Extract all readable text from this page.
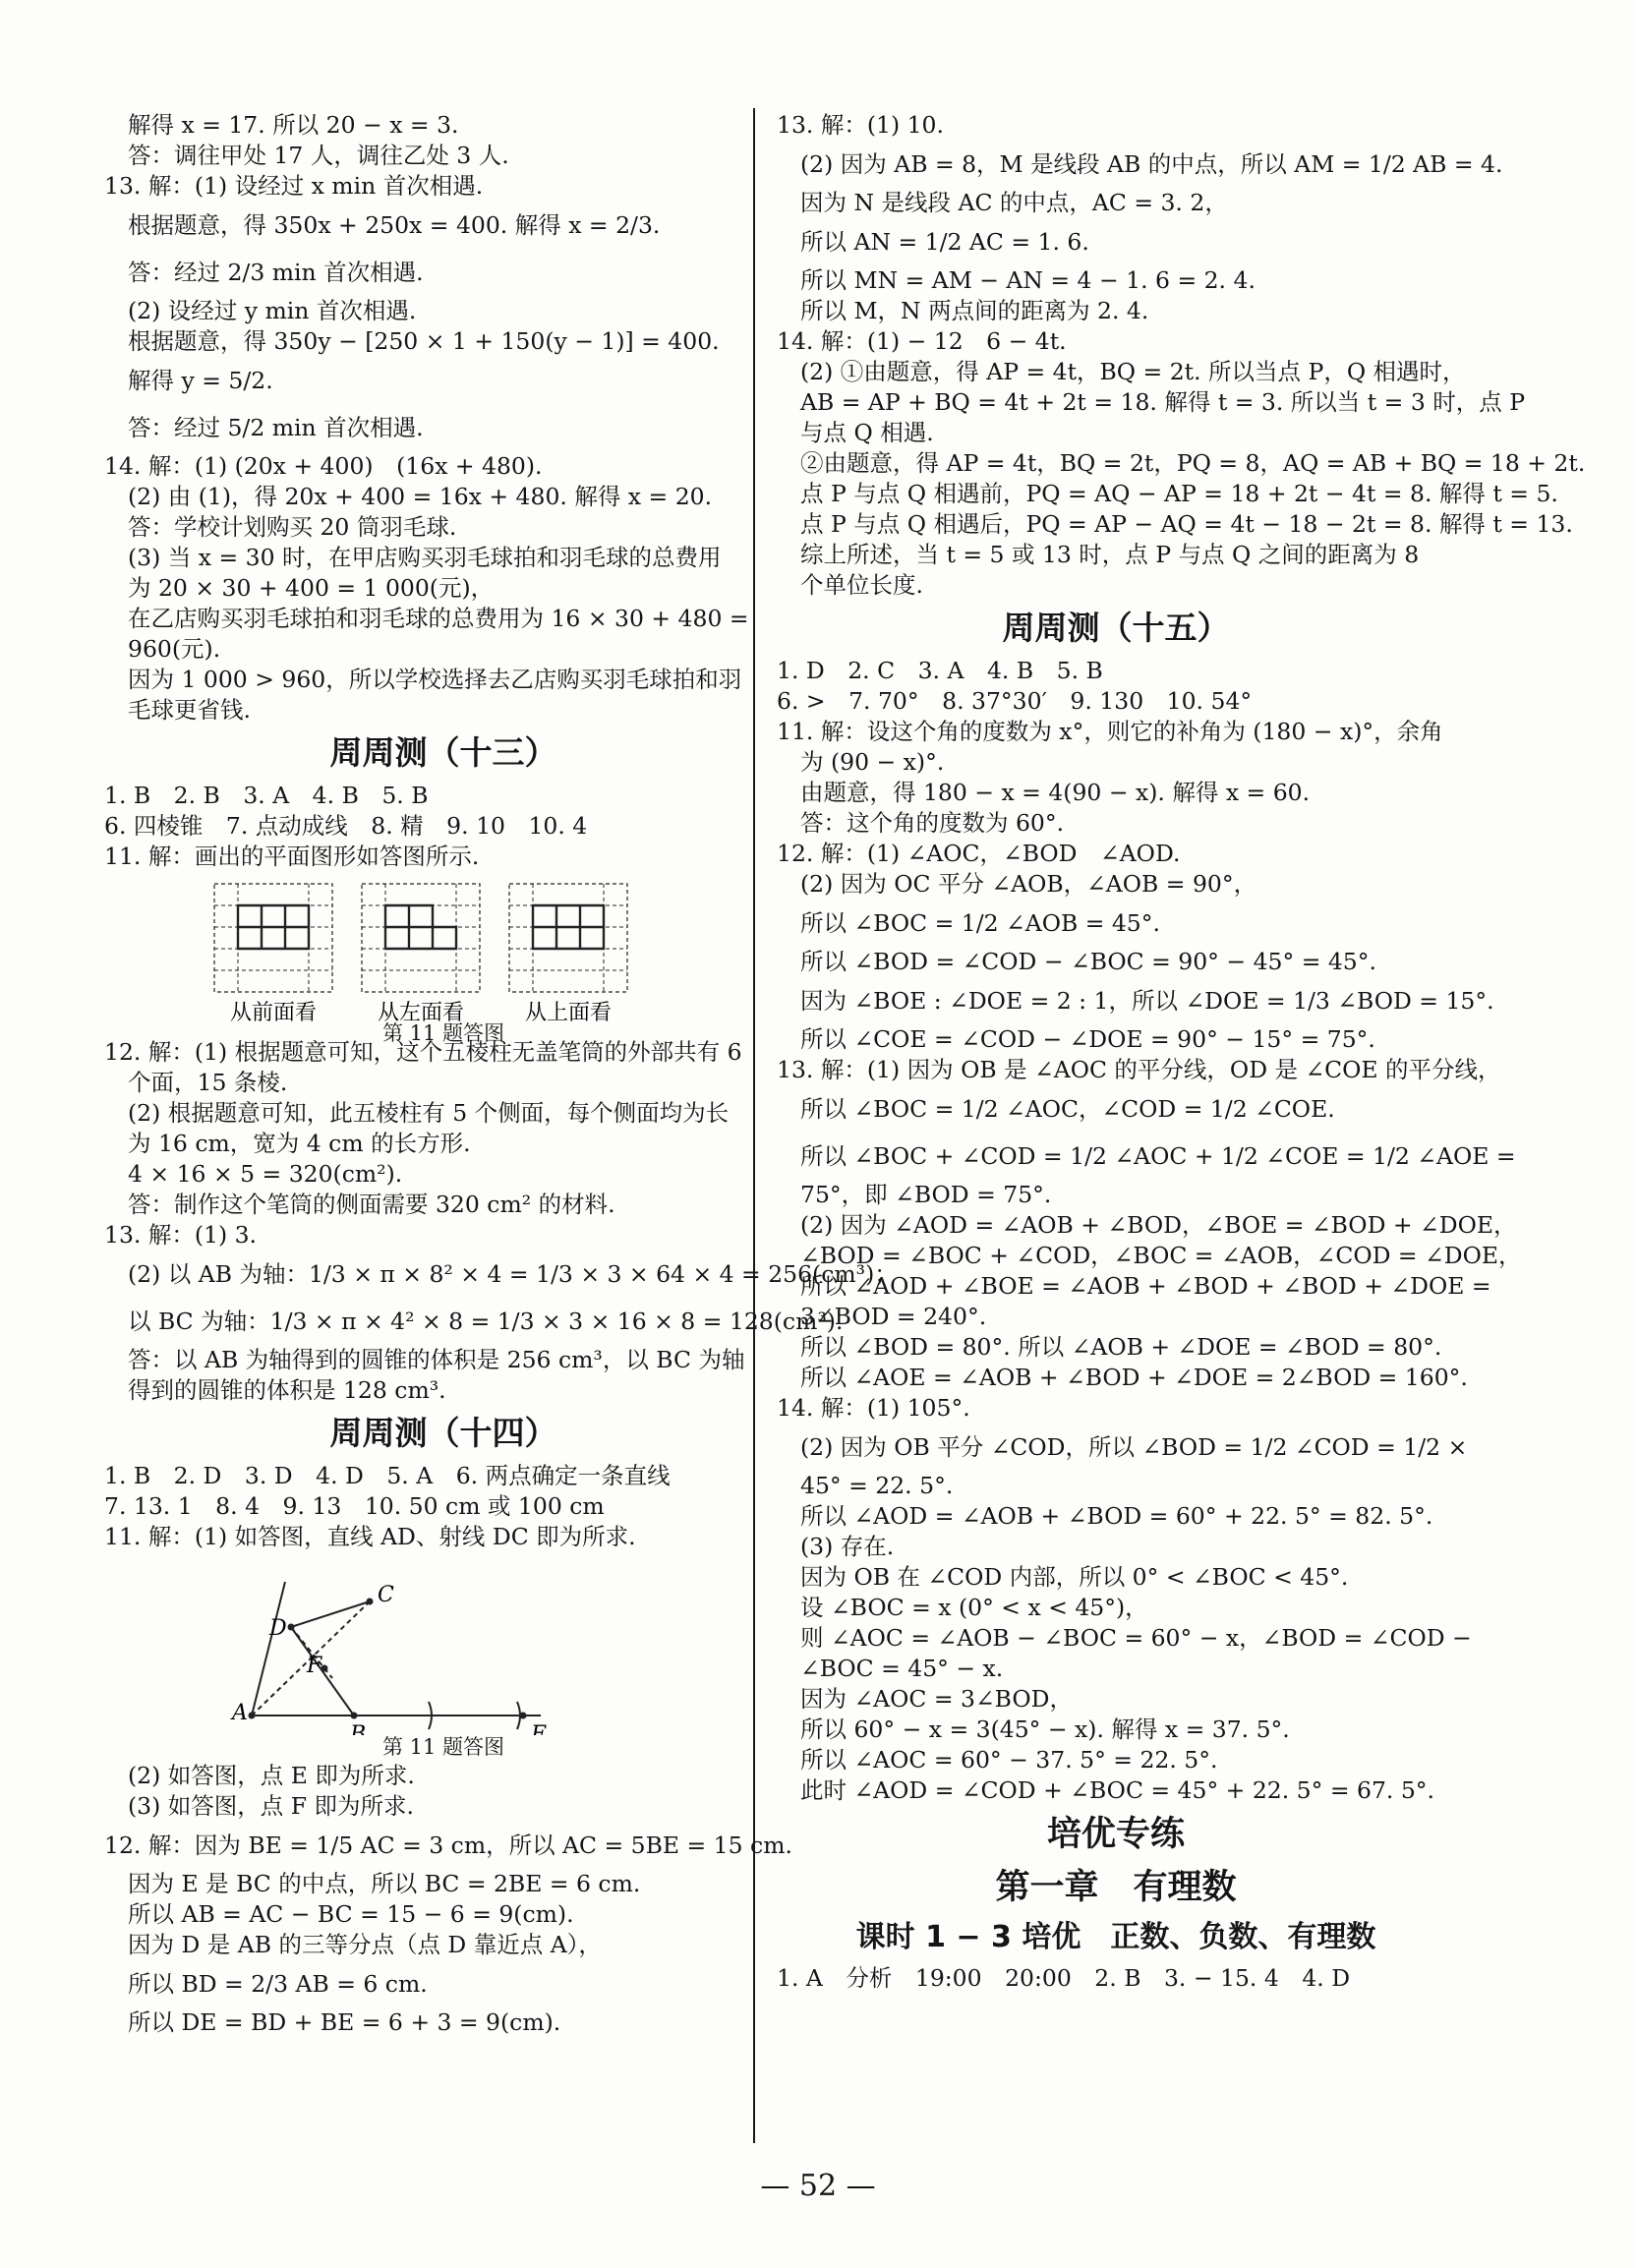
解得 x = 17. 所以 20 − x = 3.
答：调往甲处 17 人，调往乙处 3 人.
13. 解：(1) 设经过 x min 首次相遇.
根据题意，得 350x + 250x = 400. 解得 x = 2/3.
答：经过 2/3 min 首次相遇.
(2) 设经过 y min 首次相遇.
根据题意，得 350y − [250 × 1 + 150(y − 1)] = 400.
解得 y = 5/2.
答：经过 5/2 min 首次相遇.
14. 解：(1) (20x + 400)　(16x + 480).
(2) 由 (1)，得 20x + 400 = 16x + 480. 解得 x = 20.
答：学校计划购买 20 筒羽毛球.
(3) 当 x = 30 时，在甲店购买羽毛球拍和羽毛球的总费用
为 20 × 30 + 400 = 1 000(元)，
在乙店购买羽毛球拍和羽毛球的总费用为 16 × 30 + 480 =
960(元).
因为 1 000 > 960，所以学校选择去乙店购买羽毛球拍和羽
毛球更省钱.
周周测（十三）
1. B　2. B　3. A　4. B　5. B
6. 四棱锥　7. 点动成线　8. 精　9. 10　10. 4
11. 解：画出的平面图形如答图所示.
从前面看	从左面看	从上面看
第 11 题答图
12. 解：(1) 根据题意可知，这个五棱柱无盖笔筒的外部共有 6
个面，15 条棱.
(2) 根据题意可知，此五棱柱有 5 个侧面，每个侧面均为长
为 16 cm，宽为 4 cm 的长方形.
4 × 16 × 5 = 320(cm²).
答：制作这个笔筒的侧面需要 320 cm² 的材料.
13. 解：(1) 3.
(2) 以 AB 为轴：1/3 × π × 8² × 4 = 1/3 × 3 × 64 × 4 = 256(cm³)；
以 BC 为轴：1/3 × π × 4² × 8 = 1/3 × 3 × 16 × 8 = 128(cm³).
答：以 AB 为轴得到的圆锥的体积是 256 cm³，以 BC 为轴
得到的圆锥的体积是 128 cm³.
周周测（十四）
1. B　2. D　3. D　4. D　5. A　6. 两点确定一条直线
7. 13. 1　8. 4　9. 13　10. 50 cm 或 100 cm
11. 解：(1) 如答图，直线 AD、射线 DC 即为所求.
D
C
F
A
B	E
第 11 题答图
(2) 如答图，点 E 即为所求.
(3) 如答图，点 F 即为所求.
12. 解：因为 BE = 1/5 AC = 3 cm，所以 AC = 5BE = 15 cm.
因为 E 是 BC 的中点，所以 BC = 2BE = 6 cm.
所以 AB = AC − BC = 15 − 6 = 9(cm).
因为 D 是 AB 的三等分点（点 D 靠近点 A），
所以 BD = 2/3 AB = 6 cm.
所以 DE = BD + BE = 6 + 3 = 9(cm).
13. 解：(1) 10.
(2) 因为 AB = 8，M 是线段 AB 的中点，所以 AM = 1/2 AB = 4.
因为 N 是线段 AC 的中点，AC = 3. 2，
所以 AN = 1/2 AC = 1. 6.
所以 MN = AM − AN = 4 − 1. 6 = 2. 4.
所以 M，N 两点间的距离为 2. 4.
14. 解：(1) − 12　6 − 4t.
(2) ①由题意，得 AP = 4t，BQ = 2t. 所以当点 P，Q 相遇时，
AB = AP + BQ = 4t + 2t = 18. 解得 t = 3. 所以当 t = 3 时，点 P
与点 Q 相遇.
②由题意，得 AP = 4t，BQ = 2t，PQ = 8，AQ = AB + BQ = 18 + 2t.
点 P 与点 Q 相遇前，PQ = AQ − AP = 18 + 2t − 4t = 8. 解得 t = 5.
点 P 与点 Q 相遇后，PQ = AP − AQ = 4t − 18 − 2t = 8. 解得 t = 13.
综上所述，当 t = 5 或 13 时，点 P 与点 Q 之间的距离为 8
个单位长度.
周周测（十五）
1. D　2. C　3. A　4. B　5. B
6. >　7. 70°　8. 37°30′　9. 130　10. 54°
11. 解：设这个角的度数为 x°，则它的补角为 (180 − x)°，余角
为 (90 − x)°.
由题意，得 180 − x = 4(90 − x). 解得 x = 60.
答：这个角的度数为 60°.
12. 解：(1) ∠AOC，∠BOD　∠AOD.
(2) 因为 OC 平分 ∠AOB，∠AOB = 90°，
所以 ∠BOC = 1/2 ∠AOB = 45°.
所以 ∠BOD = ∠COD − ∠BOC = 90° − 45° = 45°.
因为 ∠BOE : ∠DOE = 2 : 1，所以 ∠DOE = 1/3 ∠BOD = 15°.
所以 ∠COE = ∠COD − ∠DOE = 90° − 15° = 75°.
13. 解：(1) 因为 OB 是 ∠AOC 的平分线，OD 是 ∠COE 的平分线，
所以 ∠BOC = 1/2 ∠AOC，∠COD = 1/2 ∠COE.
所以 ∠BOC + ∠COD = 1/2 ∠AOC + 1/2 ∠COE = 1/2 ∠AOE =
75°，即 ∠BOD = 75°.
(2) 因为 ∠AOD = ∠AOB + ∠BOD，∠BOE = ∠BOD + ∠DOE，
∠BOD = ∠BOC + ∠COD，∠BOC = ∠AOB，∠COD = ∠DOE，
所以 ∠AOD + ∠BOE = ∠AOB + ∠BOD + ∠BOD + ∠DOE =
3∠BOD = 240°.
所以 ∠BOD = 80°. 所以 ∠AOB + ∠DOE = ∠BOD = 80°.
所以 ∠AOE = ∠AOB + ∠BOD + ∠DOE = 2∠BOD = 160°.
14. 解：(1) 105°.
(2) 因为 OB 平分 ∠COD，所以 ∠BOD = 1/2 ∠COD = 1/2 ×
45° = 22. 5°.
所以 ∠AOD = ∠AOB + ∠BOD = 60° + 22. 5° = 82. 5°.
(3) 存在.
因为 OB 在 ∠COD 内部，所以 0° < ∠BOC < 45°.
设 ∠BOC = x (0° < x < 45°)，
则 ∠AOC = ∠AOB − ∠BOC = 60° − x，∠BOD = ∠COD −
∠BOC = 45° − x.
因为 ∠AOC = 3∠BOD，
所以 60° − x = 3(45° − x). 解得 x = 37. 5°.
所以 ∠AOC = 60° − 37. 5° = 22. 5°.
此时 ∠AOD = ∠COD + ∠BOC = 45° + 22. 5° = 67. 5°.
培优专练
第一章　有理数
课时 1 − 3 培优　正数、负数、有理数
1. A　分析　19:00　20:00　2. B　3. − 15. 4　4. D
— 52 —
